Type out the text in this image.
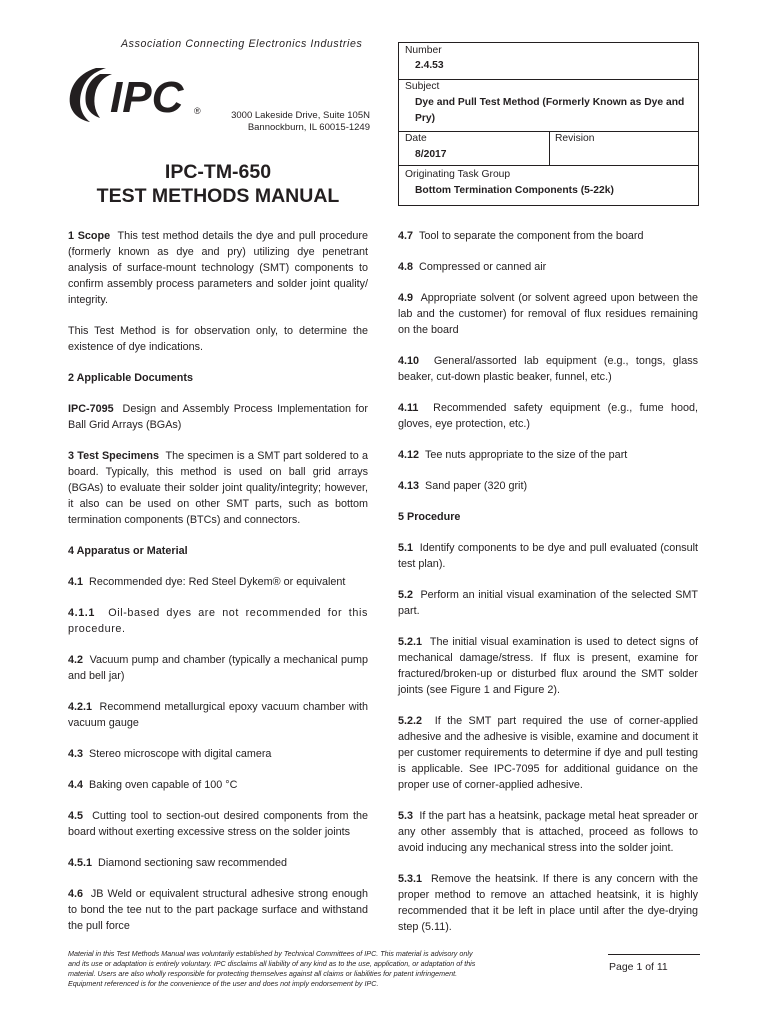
Association Connecting Electronics Industries
IPC ®	3000 Lakeside Drive, Suite 105N
Bannockburn, IL 60015-1249
IPC-TM-650
TEST METHODS MANUAL
Number
2.4.53
Subject
Dye and Pull Test Method (Formerly Known as Dye and Pry)
Date
8/2017
Revision
Originating Task Group
Bottom Termination Components (5-22k)

1 Scope This test method details the dye and pull procedure (formerly known as dye and pry) utilizing dye penetrant analysis of surface-mount technology (SMT) components to confirm assembly process parameters and solder joint quality/ integrity.

This Test Method is for observation only, to determine the existence of dye indications.

2 Applicable Documents

IPC-7095 Design and Assembly Process Implementation for Ball Grid Arrays (BGAs)

3 Test Specimens The specimen is a SMT part soldered to a board. Typically, this method is used on ball grid arrays (BGAs) to evaluate their solder joint quality/integrity; however, it also can be used on other SMT parts, such as bottom termination components (BTCs) and connectors.

4 Apparatus or Material

4.1 Recommended dye: Red Steel Dykem® or equivalent

4.1.1 Oil-based dyes are not recommended for this procedure.

4.2 Vacuum pump and chamber (typically a mechanical pump and bell jar)

4.2.1 Recommend metallurgical epoxy vacuum chamber with vacuum gauge

4.3 Stereo microscope with digital camera

4.4 Baking oven capable of 100 °C

4.5 Cutting tool to section-out desired components from the board without exerting excessive stress on the solder joints

4.5.1 Diamond sectioning saw recommended

4.6 JB Weld or equivalent structural adhesive strong enough to bond the tee nut to the part package surface and withstand the pull force

4.7 Tool to separate the component from the board

4.8 Compressed or canned air

4.9 Appropriate solvent (or solvent agreed upon between the lab and the customer) for removal of flux residues remaining on the board

4.10 General/assorted lab equipment (e.g., tongs, glass beaker, cut-down plastic beaker, funnel, etc.)

4.11 Recommended safety equipment (e.g., fume hood, gloves, eye protection, etc.)

4.12 Tee nuts appropriate to the size of the part

4.13 Sand paper (320 grit)

5 Procedure

5.1 Identify components to be dye and pull evaluated (consult test plan).

5.2 Perform an initial visual examination of the selected SMT part.

5.2.1 The initial visual examination is used to detect signs of mechanical damage/stress. If flux is present, examine for fractured/broken-up or disturbed flux around the SMT solder joints (see Figure 1 and Figure 2).

5.2.2 If the SMT part required the use of corner-applied adhesive and the adhesive is visible, examine and document it per customer requirements to determine if dye and pull testing is applicable. See IPC-7095 for additional guidance on the proper use of corner-applied adhesive.

5.3 If the part has a heatsink, package metal heat spreader or any other assembly that is attached, proceed as follows to avoid inducing any mechanical stress into the solder joint.

5.3.1 Remove the heatsink. If there is any concern with the proper method to remove an attached heatsink, it is highly recommended that it be left in place until after the dye-drying step (5.11).

Material in this Test Methods Manual was voluntarily established by Technical Committees of IPC. This material is advisory only
and its use or adaptation is entirely voluntary. IPC disclaims all liability of any kind as to the use, application, or adaptation of this
material. Users are also wholly responsible for protecting themselves against all claims or liabilities for patent infringement.
Equipment referenced is for the convenience of the user and does not imply endorsement by IPC.
Page 1 of 11
